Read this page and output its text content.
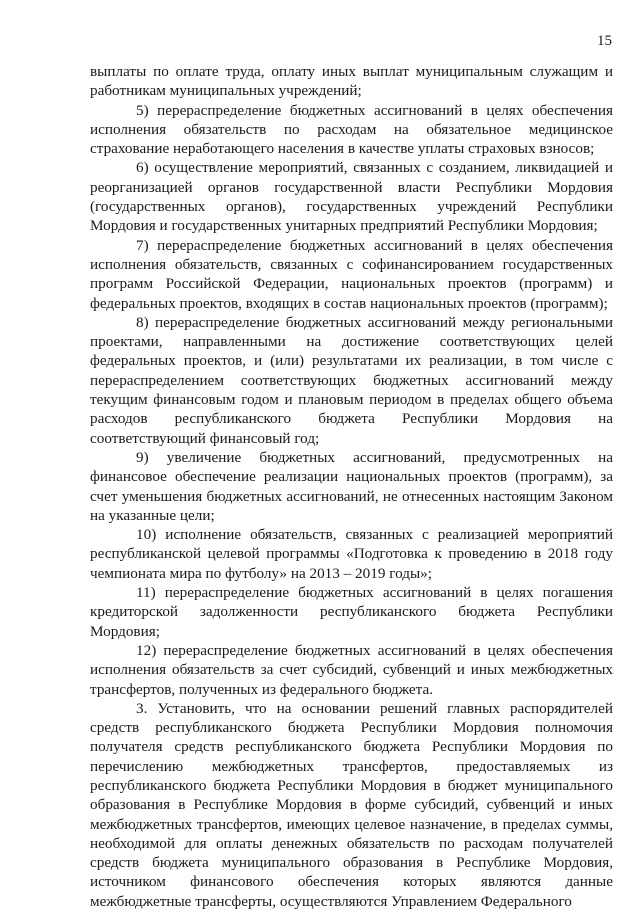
15

выплаты по оплате труда, оплату иных выплат муниципальным служащим и работникам муниципальных учреждений;

5) перераспределение бюджетных ассигнований в целях обеспечения исполнения обязательств по расходам на обязательное медицинское страхование неработающего населения в качестве уплаты страховых взносов;

6) осуществление мероприятий, связанных с созданием, ликвидацией и реорганизацией органов государственной власти Республики Мордовия (государственных органов), государственных учреждений Республики Мордовия и государственных унитарных предприятий Республики Мордовия;

7) перераспределение бюджетных ассигнований в целях обеспечения исполнения обязательств, связанных с софинансированием государственных программ Российской Федерации, национальных проектов (программ) и федеральных проектов, входящих в состав национальных проектов (программ);

8) перераспределение бюджетных ассигнований между региональными проектами, направленными на достижение соответствующих целей федеральных проектов, и (или) результатами их реализации, в том числе с перераспределением соответствующих бюджетных ассигнований между текущим финансовым годом и плановым периодом в пределах общего объема расходов республиканского бюджета Республики Мордовия на соответствующий финансовый год;

9) увеличение бюджетных ассигнований, предусмотренных на финансовое обеспечение реализации национальных проектов (программ), за счет уменьшения бюджетных ассигнований, не отнесенных настоящим Законом на указанные цели;

10) исполнение обязательств, связанных с реализацией мероприятий республиканской целевой программы «Подготовка к проведению в 2018 году чемпионата мира по футболу» на 2013 – 2019 годы»;

11) перераспределение бюджетных ассигнований в целях погашения кредиторской задолженности республиканского бюджета Республики Мордовия;

12) перераспределение бюджетных ассигнований в целях обеспечения исполнения обязательств за счет субсидий, субвенций и иных межбюджетных трансфертов, полученных из федерального бюджета.

3. Установить, что на основании решений главных распорядителей средств республиканского бюджета Республики Мордовия полномочия получателя средств республиканского бюджета Республики Мордовия по перечислению межбюджетных трансфертов, предоставляемых из республиканского бюджета Республики Мордовия в бюджет муниципального образования в Республике Мордовия в форме субсидий, субвенций и иных межбюджетных трансфертов, имеющих целевое назначение, в пределах суммы, необходимой для оплаты денежных обязательств по расходам получателей средств бюджета муниципального образования в Республике Мордовия, источником финансового обеспечения которых являются данные межбюджетные трансферты, осуществляются Управлением Федерального
